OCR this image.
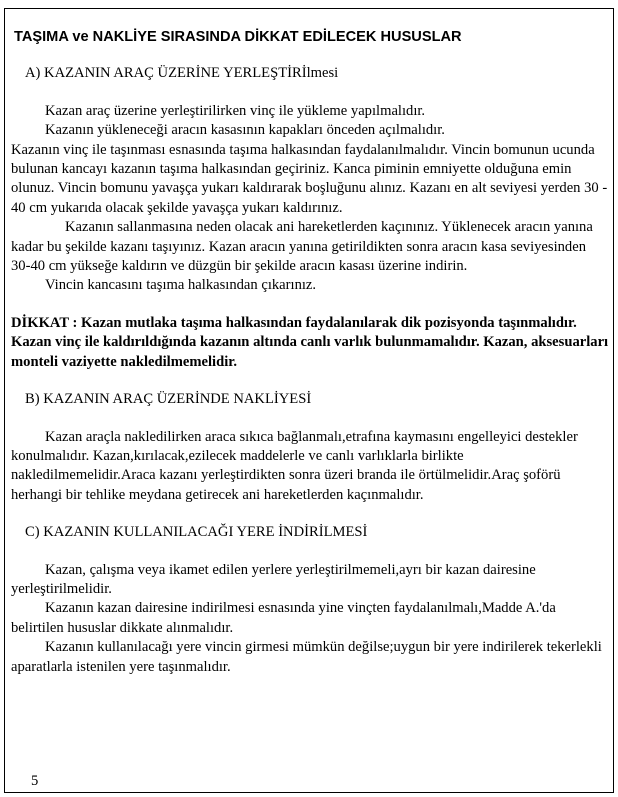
TAŞIMA ve NAKLİYE SIRASINDA DİKKAT EDİLECEK HUSUSLAR
A) KAZANIN ARAÇ ÜZERİNE YERLEŞTİRİlmesi

Kazan araç üzerine yerleştirilirken vinç ile yükleme yapılmalıdır.

Kazanın yükleneceği aracın kasasının kapakları önceden açılmalıdır.

Kazanın vinç ile taşınması esnasında taşıma halkasından faydalanılmalıdır. Vincin bomunun ucunda bulunan kancayı kazanın taşıma halkasından geçiriniz. Kanca piminin emniyette olduğuna emin olunuz. Vincin bomunu yavaşça yukarı kaldırarak boşluğunu alınız. Kazanı en alt seviyesi yerden 30 - 40 cm yukarıda olacak şekilde yavaşça yukarı kaldırınız.

Kazanın sallanmasına neden olacak ani hareketlerden kaçınınız. Yüklenecek aracın yanına kadar bu şekilde kazanı taşıyınız. Kazan aracın yanına getirildikten sonra aracın kasa seviyesinden 30-40 cm yükseğe kaldırın ve düzgün bir şekilde aracın kasası üzerine indirin.

Vincin kancasını taşıma halkasından çıkarınız.

DİKKAT : Kazan mutlaka taşıma halkasından faydalanılarak dik pozisyonda taşınmalıdır. Kazan vinç ile kaldırıldığında kazanın altında canlı varlık bulunmamalıdır. Kazan, aksesuarları monteli vaziyette nakledilmemelidir.

B) KAZANIN ARAÇ ÜZERİNDE NAKLİYESİ

Kazan araçla nakledilirken araca sıkıca bağlanmalı,etrafına kaymasını engelleyici destekler konulmalıdır. Kazan,kırılacak,ezilecek maddelerle ve canlı varlıklarla birlikte nakledilmemelidir.Araca kazanı yerleştirdikten sonra üzeri branda ile örtülmelidir.Araç şoförü herhangi bir tehlike meydana getirecek ani hareketlerden kaçınmalıdır.

C) KAZANIN KULLANILACAĞI YERE İNDİRİLMESİ

Kazan, çalışma veya ikamet edilen yerlere yerleştirilmemeli,ayrı bir kazan dairesine yerleştirilmelidir.

Kazanın kazan dairesine indirilmesi esnasında yine vinçten faydalanılmalı,Madde A.'da belirtilen hususlar dikkate alınmalıdır.

Kazanın kullanılacağı yere vincin girmesi mümkün değilse;uygun bir yere indirilerek tekerlekli aparatlarla istenilen yere taşınmalıdır.

5
